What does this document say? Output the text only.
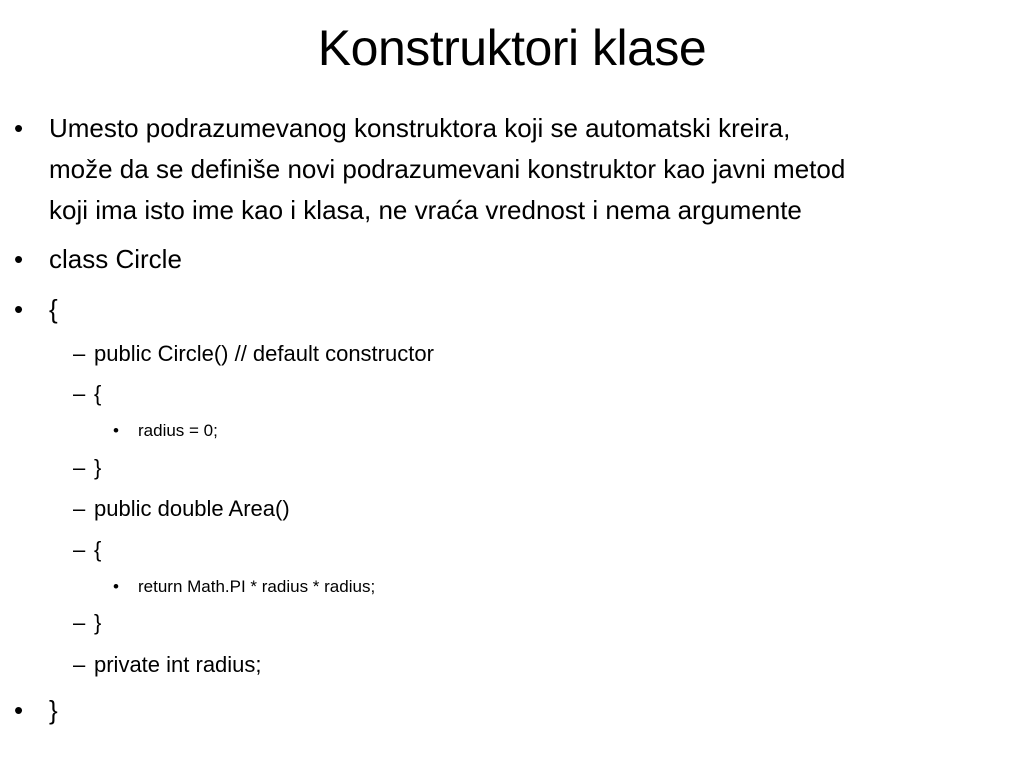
Konstruktori klase
• Umesto podrazumevanog konstruktora koji se automatski kreira,
može da se definiše novi podrazumevani konstruktor kao javni metod
koji ima isto ime kao i klasa, ne vraća vrednost i nema argumente
• class Circle
• {
– public Circle() // default constructor
– {
• radius = 0;
– }
– public double Area()
– {
• return Math.PI * radius * radius;
– }
– private int radius;
• }
